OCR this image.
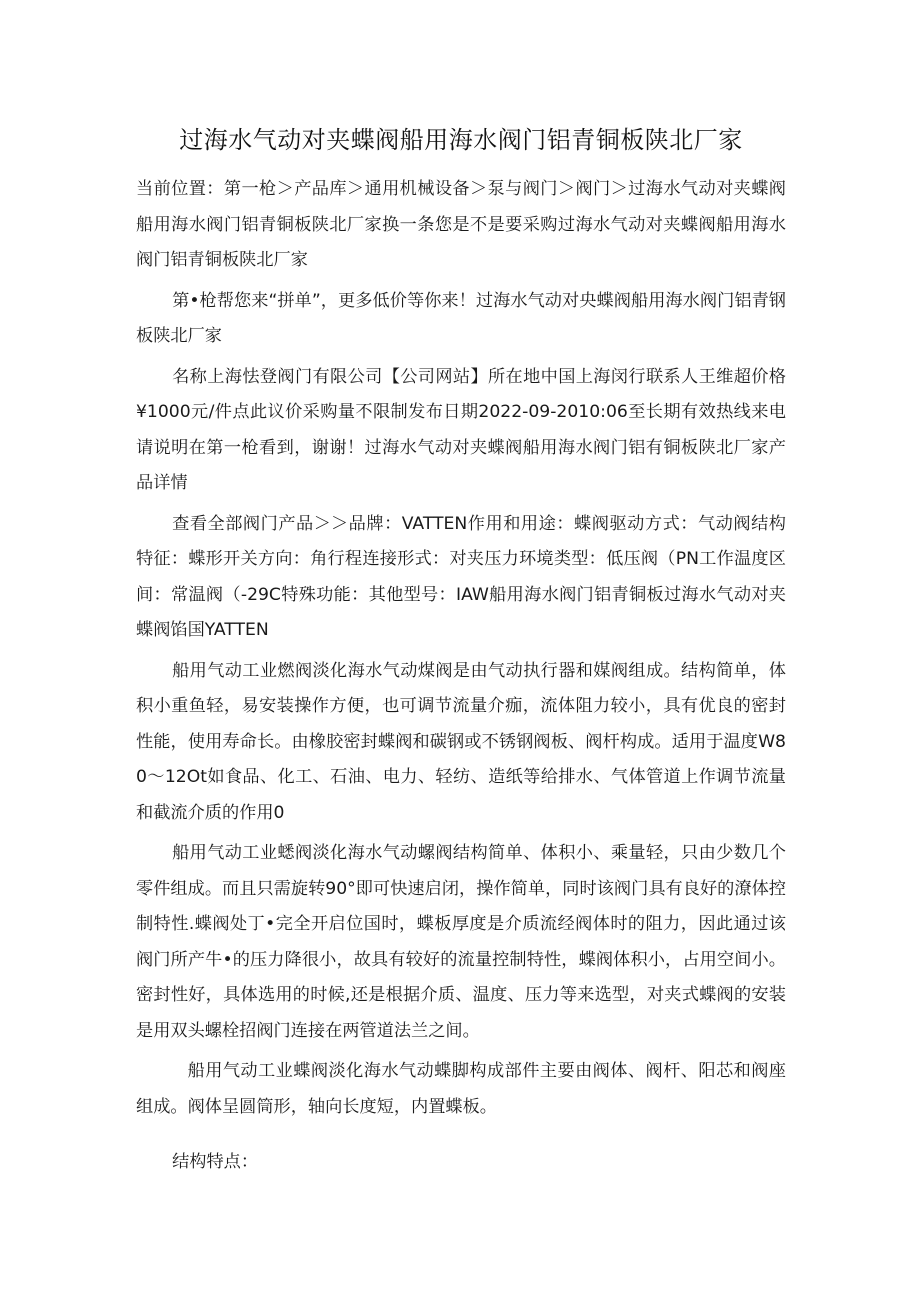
过海水气动对夹蝶阀船用海水阀门铝青铜板陕北厂家

当前位置：第一枪＞产品库＞通用机械设备＞泵与阀门＞阀门＞过海水气动对夹蝶阀船用海水阀门铝青铜板陕北厂家换一条您是不是要采购过海水气动对夹蝶阀船用海水阀门铝青铜板陕北厂家

第•枪帮您来“拼单”，更多低价等你来！过海水气动对央蝶阀船用海水阀门铝青钢板陕北厂家

名称上海怯登阀门有限公司【公司网站】所在地中国上海闵行联系人王维超价格¥1000元/件点此议价采购量不限制发布日期2022-09-2010:06至长期有效热线来电请说明在第一枪看到，谢谢！过海水气动对夹蝶阀船用海水阀门铝有铜板陕北厂家产品详情

查看全部阀门产品＞＞品牌：VATTEN作用和用途：蝶阀驱动方式：气动阀结构特征：蝶形开关方向：角行程连接形式：对夹压力环境类型：低压阀（PN工作温度区间：常温阀（-29C特殊功能：其他型号：IAW船用海水阀门铝青铜板过海水气动对夹蝶阀馅国YATTEN

船用气动工业燃阀淡化海水气动煤阀是由气动执行器和媒阀组成。结构简单，体积小重鱼轻，易安装操作方便，也可调节流量介痂，流体阻力较小，具有优良的密封性能，使用寿命长。由橡胶密封蝶阀和碳钢或不锈钢阀板、阀杆构成。适用于温度W80〜12Ot如食品、化工、石油、电力、轻纺、造纸等给排水、气体管道上作调节流量和截流介质的作用0

船用气动工业蟋阀淡化海水气动螺阀结构简单、体积小、乘量轻，只由少数几个零件组成。而且只需旋转90°即可快速启闭，操作简单，同时该阀门具有良好的潦体控制特性.蝶阀处丁•完全开启位国时，蝶板厚度是介质流经阀体时的阻力，因此通过该阀门所产牛•的压力降很小，故具有较好的流量控制特性，蝶阀体积小，占用空间小。密封性好，具体选用的时候,还是根据介质、温度、压力等来选型，对夹式蝶阀的安装是用双头螺栓招阀门连接在两管道法兰之间。

船用气动工业蝶阀淡化海水气动蝶脚构成部件主要由阀体、阀杆、阳芯和阀座组成。阀体呈圆筒形，轴向长度短，内置蝶板。

结构特点：
